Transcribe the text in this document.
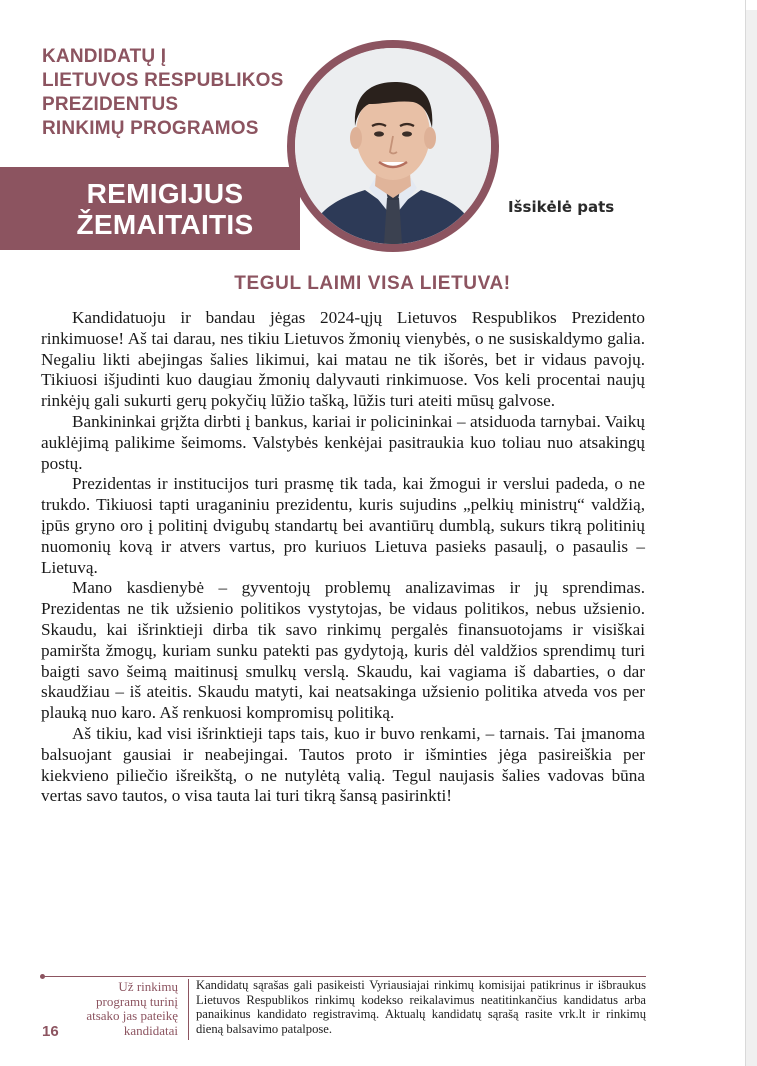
KANDIDATŲ Į
LIETUVOS RESPUBLIKOS
PREZIDENTUS
RINKIMŲ PROGRAMOS
REMIGIJUS
ŽEMAITAITIS
Išsikėlė pats
TEGUL LAIMI VISA LIETUVA!

Kandidatuoju ir bandau jėgas 2024-ųjų Lietuvos Respublikos Prezidento rinkimuose! Aš tai darau, nes tikiu Lietuvos žmonių vienybės, o ne susiskaldymo galia. Negaliu likti abejingas šalies likimui, kai matau ne tik išorės, bet ir vidaus pavojų. Tikiuosi išjudinti kuo daugiau žmonių dalyvauti rinkimuose. Vos keli procentai naujų rinkėjų gali sukurti gerų pokyčių lūžio tašką, lūžis turi ateiti mūsų galvose.

Bankininkai grįžta dirbti į bankus, kariai ir policininkai – atsiduoda tarnybai. Vaikų auklėjimą palikime šeimoms. Valstybės kenkėjai pasitraukia kuo toliau nuo atsakingų postų.

Prezidentas ir institucijos turi prasmę tik tada, kai žmogui ir verslui padeda, o ne trukdo. Tikiuosi tapti uraganiniu prezidentu, kuris sujudins „pelkių ministrų“ valdžią, įpūs gryno oro į politinį dvigubų standartų bei avantiūrų dumblą, sukurs tikrą politinių nuomonių kovą ir atvers vartus, pro kuriuos Lietuva pasieks pasaulį, o pasaulis – Lietuvą.

Mano kasdienybė – gyventojų problemų analizavimas ir jų sprendimas. Prezidentas ne tik užsienio politikos vystytojas, be vidaus politikos, nebus užsienio. Skaudu, kai išrinktieji dirba tik savo rinkimų pergalės finansuotojams ir visiškai pamiršta žmogų, kuriam sunku patekti pas gydytoją, kuris dėl valdžios sprendimų turi baigti savo šeimą maitinusį smulkų verslą. Skaudu, kai vagiama iš dabarties, o dar skaudžiau – iš ateitis. Skaudu matyti, kai neatsakinga užsienio politika atveda vos per plauką nuo karo. Aš renkuosi kompromisų politiką.

Aš tikiu, kad visi išrinktieji taps tais, kuo ir buvo renkami, – tarnais. Tai įmanoma balsuojant gausiai ir neabejingai. Tautos proto ir išminties jėga pasireiškia per kiekvieno piliečio išreikštą, o ne nutylėtą valią. Tegul naujasis šalies vadovas būna vertas savo tautos, o visa tauta lai turi tikrą šansą pasirinkti!

Už rinkimų
programų turinį
atsako jas pateikę
kandidatai
16
Kandidatų sąrašas gali pasikeisti Vyriausiajai rinkimų komisijai patikrinus ir išbraukus Lietuvos Respublikos rinkimų kodekso reikalavimus neatitinkančius kandidatus arba panaikinus kandidato registravimą. Aktualų kandidatų sąrašą rasite vrk.lt ir rinkimų dieną balsavimo patalpose.
